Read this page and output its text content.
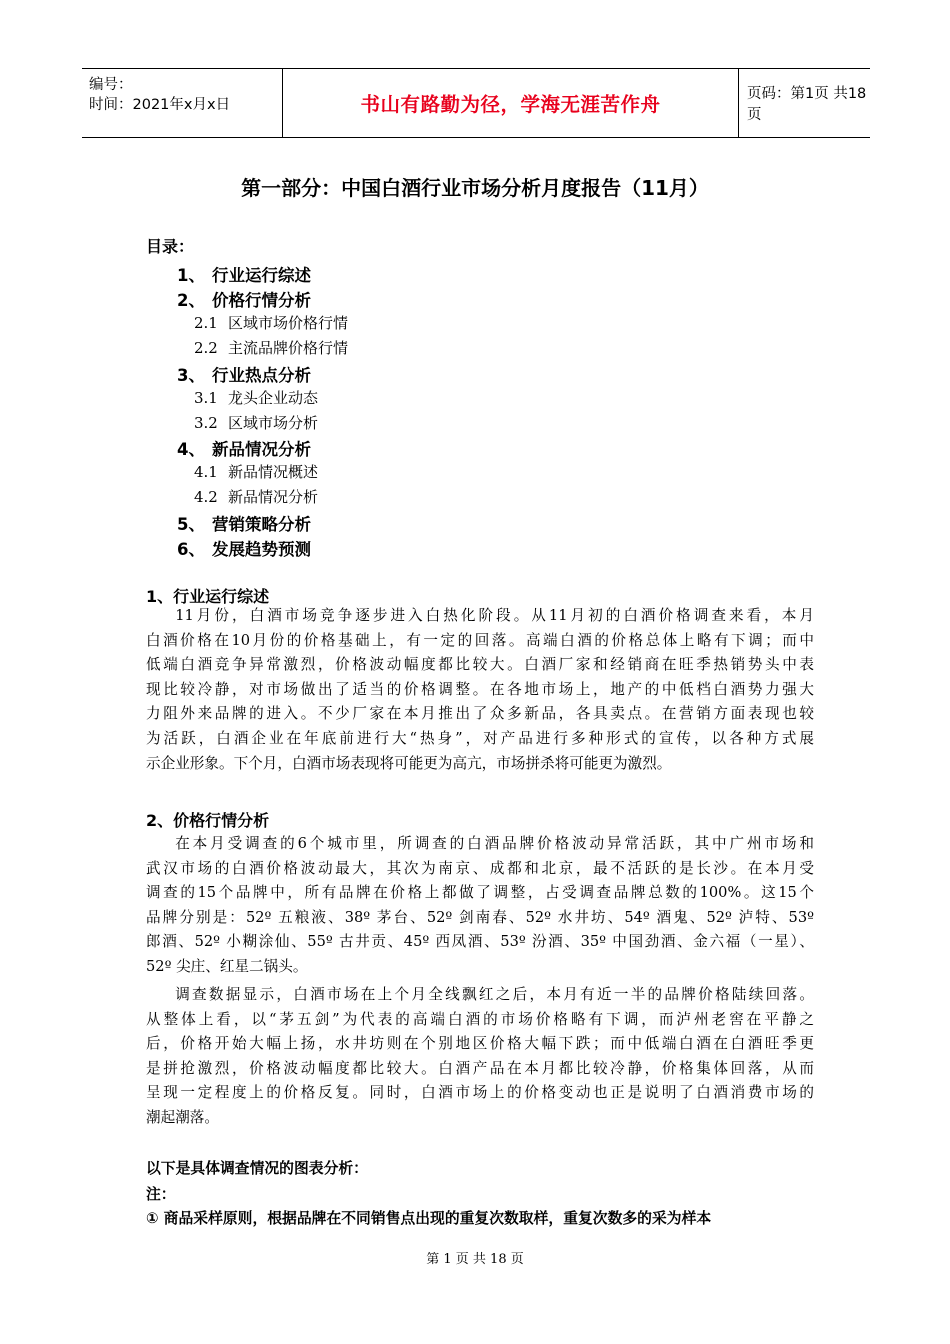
编号：
时间：2021年x月x日	书山有路勤为径，学海无涯苦作舟	页码：第1页 共18页
第一部分：中国白酒行业市场分析月度报告（11月）
目录：
1、 行业运行综述
2、 价格行情分析
2.1 区域市场价格行情
2.2 主流品牌价格行情
3、 行业热点分析
3.1 龙头企业动态
3.2 区域市场分析
4、 新品情况分析
4.1 新品情况概述
4.2 新品情况分析
5、 营销策略分析
6、 发展趋势预测
1、行业运行综述
11月份，白酒市场竞争逐步进入白热化阶段。从11月初的白酒价格调查来看，本月
白酒价格在10月份的价格基础上，有一定的回落。高端白酒的价格总体上略有下调；而中
低端白酒竞争异常激烈，价格波动幅度都比较大。白酒厂家和经销商在旺季热销势头中表
现比较冷静，对市场做出了适当的价格调整。在各地市场上，地产的中低档白酒势力强大
力阻外来品牌的进入。不少厂家在本月推出了众多新品，各具卖点。在营销方面表现也较
为活跃，白酒企业在年底前进行大“热身”，对产品进行多种形式的宣传，以各种方式展
示企业形象。下个月，白酒市场表现将可能更为高亢，市场拼杀将可能更为激烈。
2、价格行情分析
在本月受调查的6个城市里，所调查的白酒品牌价格波动异常活跃，其中广州市场和
武汉市场的白酒价格波动最大，其次为南京、成都和北京，最不活跃的是长沙。在本月受
调查的15个品牌中，所有品牌在价格上都做了调整，占受调查品牌总数的100%。这15个
品牌分别是：52º 五粮液、38º 茅台、52º 剑南春、52º 水井坊、54º 酒鬼、52º 泸特、53º
郎酒、52º 小糊涂仙、55º 古井贡、45º 西凤酒、53º 汾酒、35º 中国劲酒、金六福（一星）、
52º 尖庄、红星二锅头。
调查数据显示，白酒市场在上个月全线飘红之后，本月有近一半的品牌价格陆续回落。
从整体上看，以“茅五剑”为代表的高端白酒的市场价格略有下调，而泸州老窖在平静之
后，价格开始大幅上扬，水井坊则在个别地区价格大幅下跌；而中低端白酒在白酒旺季更
是拼抢激烈，价格波动幅度都比较大。白酒产品在本月都比较冷静，价格集体回落，从而
呈现一定程度上的价格反复。同时，白酒市场上的价格变动也正是说明了白酒消费市场的
潮起潮落。
以下是具体调查情况的图表分析：
注：
① 商品采样原则，根据品牌在不同销售点出现的重复次数取样，重复次数多的采为样本
第 1 页 共 18 页
